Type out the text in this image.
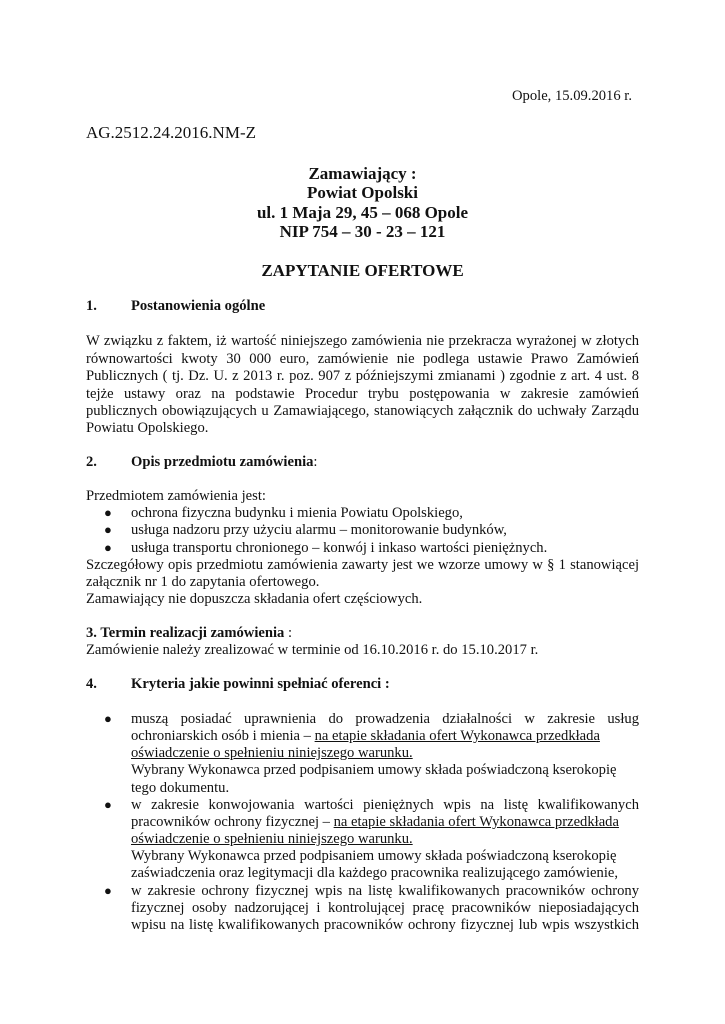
Opole, 15.09.2016 r.
AG.2512.24.2016.NM-Z
Zamawiający :
Powiat Opolski
ul. 1 Maja 29, 45 – 068 Opole
NIP 754 – 30 - 23 – 121
ZAPYTANIE OFERTOWE
1. Postanowienia ogólne
W związku z faktem, iż wartość niniejszego zamówienia nie przekracza wyrażonej w złotych
równowartości kwoty 30 000 euro, zamówienie nie podlega ustawie Prawo Zamówień
Publicznych ( tj. Dz. U. z 2013 r. poz. 907 z późniejszymi zmianami ) zgodnie z art. 4 ust. 8
tejże ustawy oraz na podstawie Procedur trybu postępowania w zakresie zamówień
publicznych obowiązujących u Zamawiającego, stanowiących załącznik do uchwały Zarządu
Powiatu Opolskiego.
2. Opis przedmiotu zamówienia:
Przedmiotem zamówienia jest:
● ochrona fizyczna budynku i mienia Powiatu Opolskiego,
● usługa nadzoru przy użyciu alarmu – monitorowanie budynków,
● usługa transportu chronionego – konwój i inkaso wartości pieniężnych.
Szczegółowy opis przedmiotu zamówienia zawarty jest we wzorze umowy w § 1 stanowiącej
załącznik nr 1 do zapytania ofertowego.
Zamawiający nie dopuszcza składania ofert częściowych.
3. Termin realizacji zamówienia :
Zamówienie należy zrealizować w terminie od 16.10.2016 r. do 15.10.2017 r.
4. Kryteria jakie powinni spełniać oferenci :
● muszą posiadać uprawnienia do prowadzenia działalności w zakresie usług
ochroniarskich osób i mienia – na etapie składania ofert Wykonawca przedkłada
oświadczenie o spełnieniu niniejszego warunku.
Wybrany Wykonawca przed podpisaniem umowy składa poświadczoną kserokopię
tego dokumentu.
● w zakresie konwojowania wartości pieniężnych wpis na listę kwalifikowanych
pracowników ochrony fizycznej – na etapie składania ofert Wykonawca przedkłada
oświadczenie o spełnieniu niniejszego warunku.
Wybrany Wykonawca przed podpisaniem umowy składa poświadczoną kserokopię
zaświadczenia oraz legitymacji dla każdego pracownika realizującego zamówienie,
● w zakresie ochrony fizycznej wpis na listę kwalifikowanych pracowników ochrony
fizycznej osoby nadzorującej i kontrolującej pracę pracowników nieposiadających
wpisu na listę kwalifikowanych pracowników ochrony fizycznej lub wpis wszystkich
